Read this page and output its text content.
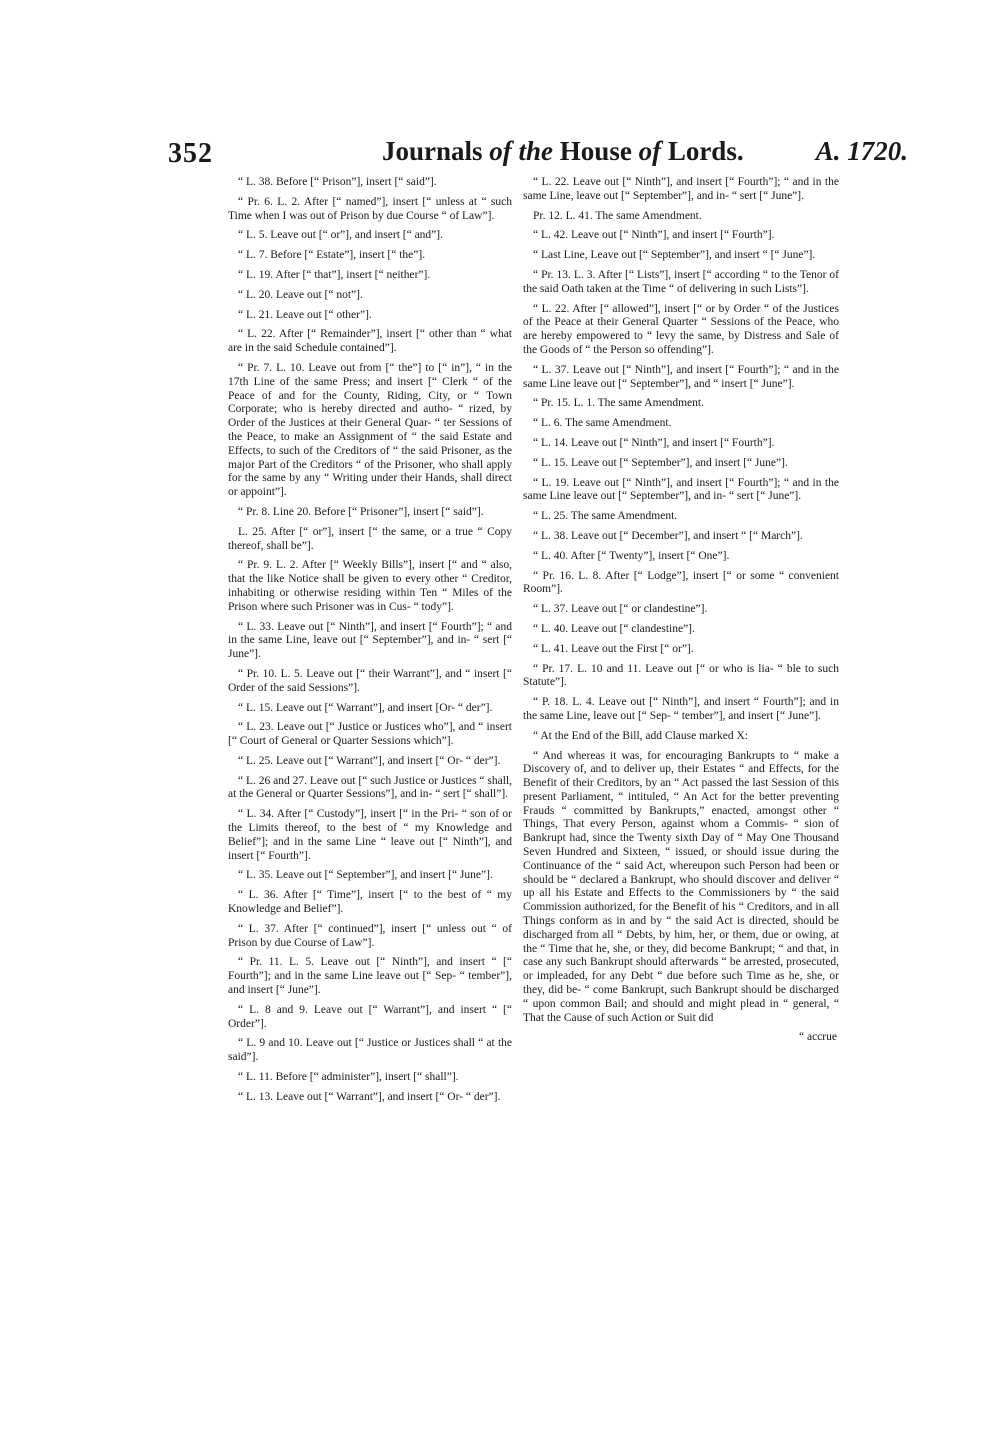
352	Journals of the House of Lords.	A. 1720.

“ L. 38. Before [“ Prison”], insert [“ said”].

“ Pr. 6. L. 2. After [“ named”], insert [“ unless at “ such Time when I was out of Prison by due Course “ of Law”].

“ L. 5. Leave out [“ or”], and insert [“ and”].

“ L. 7. Before [“ Estate”], insert [“ the”].

“ L. 19. After [“ that”], insert [“ neither”].

“ L. 20. Leave out [“ not”].

“ L. 21. Leave out [“ other”].

“ L. 22. After [“ Remainder”], insert [“ other than “ what are in the said Schedule contained”].

“ Pr. 7. L. 10. Leave out from [“ the”] to [“ in”], “ in the 17th Line of the same Press; and insert [“ Clerk “ of the Peace of and for the County, Riding, City, or “ Town Corporate; who is hereby directed and autho- “ rized, by Order of the Justices at their General Quar- “ ter Sessions of the Peace, to make an Assignment of “ the said Estate and Effects, to such of the Creditors of “ the said Prisoner, as the major Part of the Creditors “ of the Prisoner, who shall apply for the same by any “ Writing under their Hands, shall direct or appoint”].

“ Pr. 8. Line 20. Before [“ Prisoner”], insert [“ said”].

L. 25. After [“ or”], insert [“ the same, or a true “ Copy thereof, shall be”].

“ Pr. 9. L. 2. After [“ Weekly Bills”], insert [“ and “ also, that the like Notice shall be given to every other “ Creditor, inhabiting or otherwise residing within Ten “ Miles of the Prison where such Prisoner was in Cus- “ tody”].

“ L. 33. Leave out [“ Ninth”], and insert [“ Fourth”]; “ and in the same Line, leave out [“ September”], and in- “ sert [“ June”].

“ Pr. 10. L. 5. Leave out [“ their Warrant”], and “ insert [“ Order of the said Sessions”].

“ L. 15. Leave out [“ Warrant”], and insert [Or- “ der”].

“ L. 23. Leave out [“ Justice or Justices who”], and “ insert [“ Court of General or Quarter Sessions which”].

“ L. 25. Leave out [“ Warrant”], and insert [“ Or- “ der”].

“ L. 26 and 27. Leave out [“ such Justice or Justices “ shall, at the General or Quarter Sessions”], and in- “ sert [“ shall”].

“ L. 34. After [“ Custody”], insert [“ in the Pri- “ son of or the Limits thereof, to the best of “ my Knowledge and Belief”]; and in the same Line “ leave out [“ Ninth”], and insert [“ Fourth”].

“ L. 35. Leave out [“ September”], and insert [“ June”].

“ L. 36. After [“ Time”], insert [“ to the best of “ my Knowledge and Belief”].

“ L. 37. After [“ continued”], insert [“ unless out “ of Prison by due Course of Law”].

“ Pr. 11. L. 5. Leave out [“ Ninth”], and insert “ [“ Fourth”]; and in the same Line leave out [“ Sep- “ tember”], and insert [“ June”].

“ L. 8 and 9. Leave out [“ Warrant”], and insert “ [“ Order”].

“ L. 9 and 10. Leave out [“ Justice or Justices shall “ at the said”].

“ L. 11. Before [“ administer”], insert [“ shall”].

“ L. 13. Leave out [“ Warrant”], and insert [“ Or- “ der”].

“ L. 22. Leave out [“ Ninth”], and insert [“ Fourth”]; “ and in the same Line, leave out [“ September”], and in- “ sert [“ June”].

Pr. 12. L. 41. The same Amendment.

“ L. 42. Leave out [“ Ninth”], and insert [“ Fourth”].

“ Last Line, Leave out [“ September”], and insert “ [“ June”].

“ Pr. 13. L. 3. After [“ Lists”], insert [“ according “ to the Tenor of the said Oath taken at the Time “ of delivering in such Lists”].

“ L. 22. After [“ allowed”], insert [“ or by Order “ of the Justices of the Peace at their General Quarter “ Sessions of the Peace, who are hereby empowered to “ levy the same, by Distress and Sale of the Goods of “ the Person so offending”].

“ L. 37. Leave out [“ Ninth”], and insert [“ Fourth”]; “ and in the same Line leave out [“ September”], and “ insert [“ June”].

“ Pr. 15. L. 1. The same Amendment.

“ L. 6. The same Amendment.

“ L. 14. Leave out [“ Ninth”], and insert [“ Fourth”].

“ L. 15. Leave out [“ September”], and insert [“ June”].

“ L. 19. Leave out [“ Ninth”], and insert [“ Fourth”]; “ and in the same Line leave out [“ September”], and in- “ sert [“ June”].

“ L. 25. The same Amendment.

“ L. 38. Leave out [“ December”], and insert “ [“ March”].

“ L. 40. After [“ Twenty”], insert [“ One”].

“ Pr. 16. L. 8. After [“ Lodge”], insert [“ or some “ convenient Room”].

“ L. 37. Leave out [“ or clandestine”].

“ L. 40. Leave out [“ clandestine”].

“ L. 41. Leave out the First [“ or”].

“ Pr. 17. L. 10 and 11. Leave out [“ or who is lia- “ ble to such Statute”].

“ P. 18. L. 4. Leave out [“ Ninth”], and insert “ Fourth”]; and in the same Line, leave out [“ Sep- “ tember”], and insert [“ June”].

“ At the End of the Bill, add Clause marked X:

“ And whereas it was, for encouraging Bankrupts to “ make a Discovery of, and to deliver up, their Estates “ and Effects, for the Benefit of their Creditors, by an “ Act passed the last Session of this present Parliament, “ intituled, “ An Act for the better preventing Frauds “ committed by Bankrupts,” enacted, amongst other “ Things, That every Person, against whom a Commis- “ sion of Bankrupt had, since the Twenty sixth Day of “ May One Thousand Seven Hundred and Sixteen, “ issued, or should issue during the Continuance of the “ said Act, whereupon such Person had been or should be “ declared a Bankrupt, who should discover and deliver “ up all his Estate and Effects to the Commissioners by “ the said Commission authorized, for the Benefit of his “ Creditors, and in all Things conform as in and by “ the said Act is directed, should be discharged from all “ Debts, by him, her, or them, due or owing, at the “ Time that he, she, or they, did become Bankrupt; “ and that, in case any such Bankrupt should afterwards “ be arrested, prosecuted, or impleaded, for any Debt “ due before such Time as he, she, or they, did be- “ come Bankrupt, such Bankrupt should be discharged “ upon common Bail; and should and might plead in “ general, “ That the Cause of such Action or Suit did

“ accrue
